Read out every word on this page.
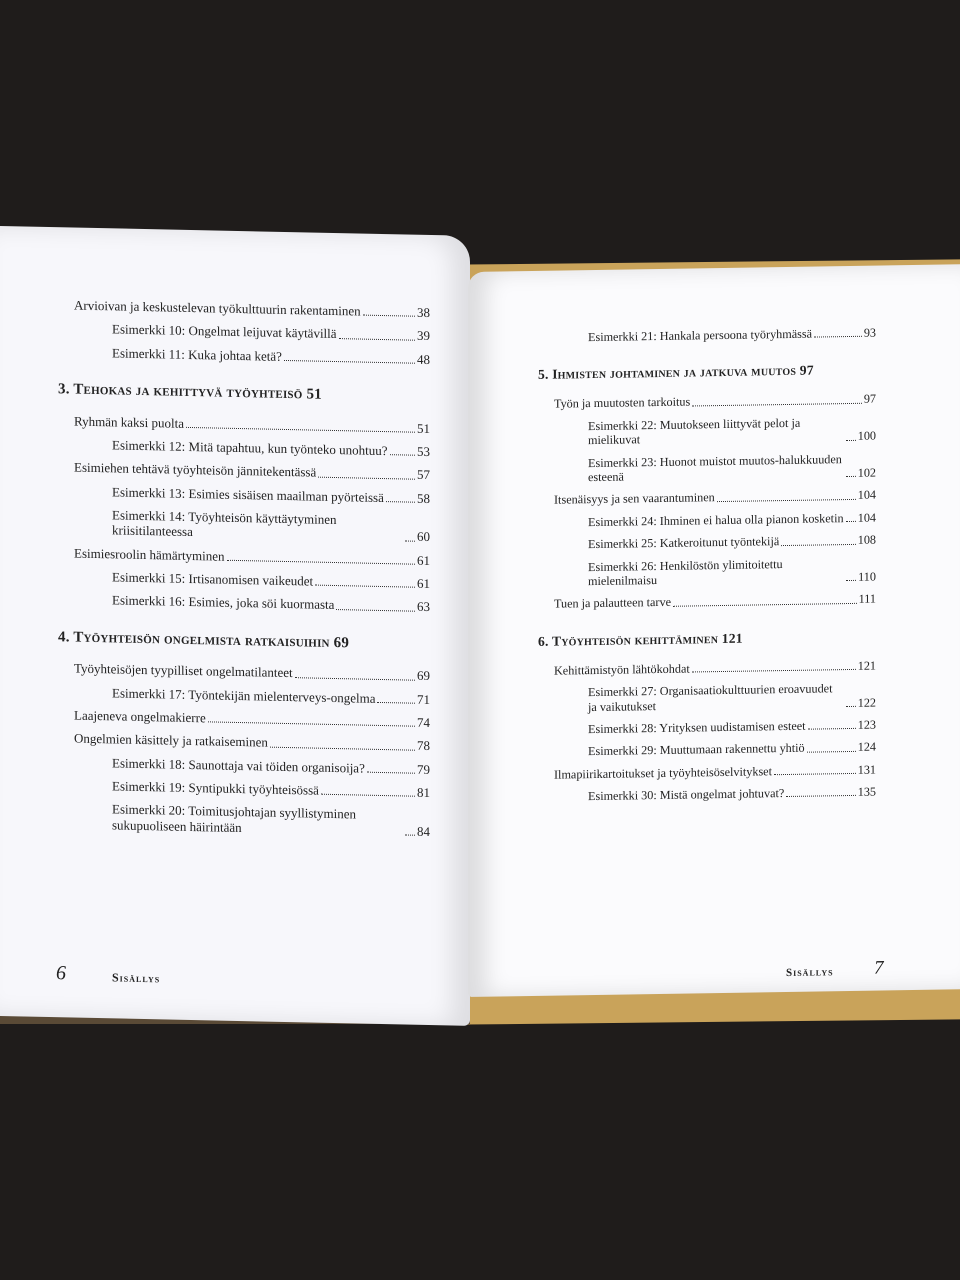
Arvioivan ja keskustelevan työkulttuurin rakentaminen	38
Esimerkki 10: Ongelmat leijuvat käytävillä	39
Esimerkki 11: Kuka johtaa ketä?	48
3. Tehokas ja kehittyvä työyhteisö 51
Ryhmän kaksi puolta	51
Esimerkki 12: Mitä tapahtuu, kun työnteko unohtuu? 53
Esimiehen tehtävä työyhteisön jännitekentässä	57
Esimerkki 13: Esimies sisäisen maailman pyörteissä	58
Esimerkki 14: Työyhteisön käyttäytyminen kriisitilanteessa	60
Esimiesroolin hämärtyminen	61
Esimerkki 15: Irtisanomisen vaikeudet	61
Esimerkki 16: Esimies, joka söi kuormasta	63
4. Työyhteisön ongelmista ratkaisuihin 69
Työyhteisöjen tyypilliset ongelmatilanteet	69
Esimerkki 17: Työntekijän mielenterveys-ongelma	71
Laajeneva ongelmakierre	74
Ongelmien käsittely ja ratkaiseminen	78
Esimerkki 18: Saunottaja vai töiden organisoija?	79
Esimerkki 19: Syntipukki työyhteisössä	81
Esimerkki 20: Toimitusjohtajan syyllistyminen sukupuoliseen häirintään	84
6	Sisällys
Esimerkki 21: Hankala persoona työryhmässä	93
5. Ihmisten johtaminen ja jatkuva muutos 97
Työn ja muutosten tarkoitus	97
Esimerkki 22: Muutokseen liittyvät pelot ja mielikuvat	100
Esimerkki 23: Huonot muistot muutos-halukkuuden esteenä	102
Itsenäisyys ja sen vaarantuminen	104
Esimerkki 24: Ihminen ei halua olla pianon kosketin 104
Esimerkki 25: Katkeroitunut työntekijä	108
Esimerkki 26: Henkilöstön ylimitoitettu mielenilmaisu	110
Tuen ja palautteen tarve	111
6. Työyhteisön kehittäminen 121
Kehittämistyön lähtökohdat	121
Esimerkki 27: Organisaatiokulttuurien eroavuudet ja vaikutukset	122
Esimerkki 28: Yrityksen uudistamisen esteet	123
Esimerkki 29: Muuttumaan rakennettu yhtiö	124
Ilmapiirikartoitukset ja työyhteisöselvitykset	131
Esimerkki 30: Mistä ongelmat johtuvat?	135
Sisällys 7
